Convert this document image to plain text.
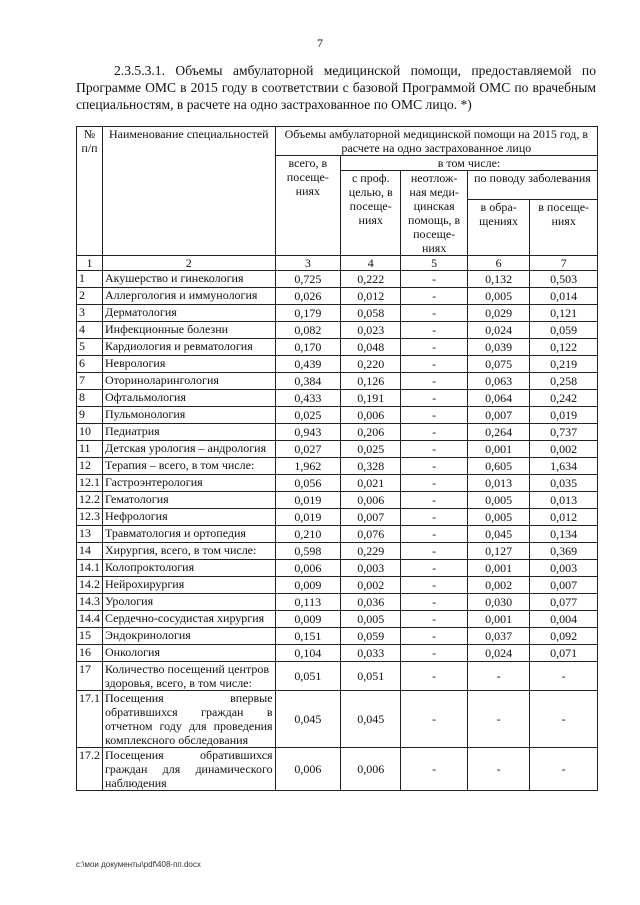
7
2.3.5.3.1. Объемы амбулаторной медицинской помощи, предоставляемой по Программе ОМС в 2015 году в соответствии с базовой Программой ОМС по врачебным специальностям, в расчете на одно застрахованное по ОМС лицо. *)
№ п/п	Наименование специальностей	Объемы амбулаторной медицинской помощи на 2015 год, в расчете на одно застрахованное лицо				
		всего, в посеще-ниях	в том числе:			
			с проф. целью, в посеще-ниях	неотлож-ная меди-цинская помощь, в посеще-ниях	по поводу заболевания	
					в обра-щениях	в посеще-ниях
1	2	3	4	5	6	7
1	Акушерство и гинекология	0,725	0,222	-	0,132	0,503
2	Аллергология и иммунология	0,026	0,012	-	0,005	0,014
3	Дерматология	0,179	0,058	-	0,029	0,121
4	Инфекционные болезни	0,082	0,023	-	0,024	0,059
5	Кардиология и ревматология	0,170	0,048	-	0,039	0,122
6	Неврология	0,439	0,220	-	0,075	0,219
7	Оториноларингология	0,384	0,126	-	0,063	0,258
8	Офтальмология	0,433	0,191	-	0,064	0,242
9	Пульмонология	0,025	0,006	-	0,007	0,019
10	Педиатрия	0,943	0,206	-	0,264	0,737
11	Детская урология – андрология	0,027	0,025	-	0,001	0,002
12	Терапия – всего, в том числе:	1,962	0,328	-	0,605	1,634
12.1	Гастроэнтерология	0,056	0,021	-	0,013	0,035
12.2	Гематология	0,019	0,006	-	0,005	0,013
12.3	Нефрология	0,019	0,007	-	0,005	0,012
13	Травматология и ортопедия	0,210	0,076	-	0,045	0,134
14	Хирургия, всего, в том числе:	0,598	0,229	-	0,127	0,369
14.1	Колопроктология	0,006	0,003	-	0,001	0,003
14.2	Нейрохирургия	0,009	0,002	-	0,002	0,007
14.3	Урология	0,113	0,036	-	0,030	0,077
14.4	Сердечно-сосудистая хирургия	0,009	0,005	-	0,001	0,004
15	Эндокринология	0,151	0,059	-	0,037	0,092
16	Онкология	0,104	0,033	-	0,024	0,071
17	Количество посещений центров здоровья, всего, в том числе:	0,051	0,051	-	-	-
17.1	Посещения впервые обратившихся граждан в отчетном году для проведения комплексного обследования	0,045	0,045	-	-	-
17.2	Посещения обратившихся граждан для динамического наблюдения	0,006	0,006	-	-	-
c:\мои документы\pdf\408-пп.docx
